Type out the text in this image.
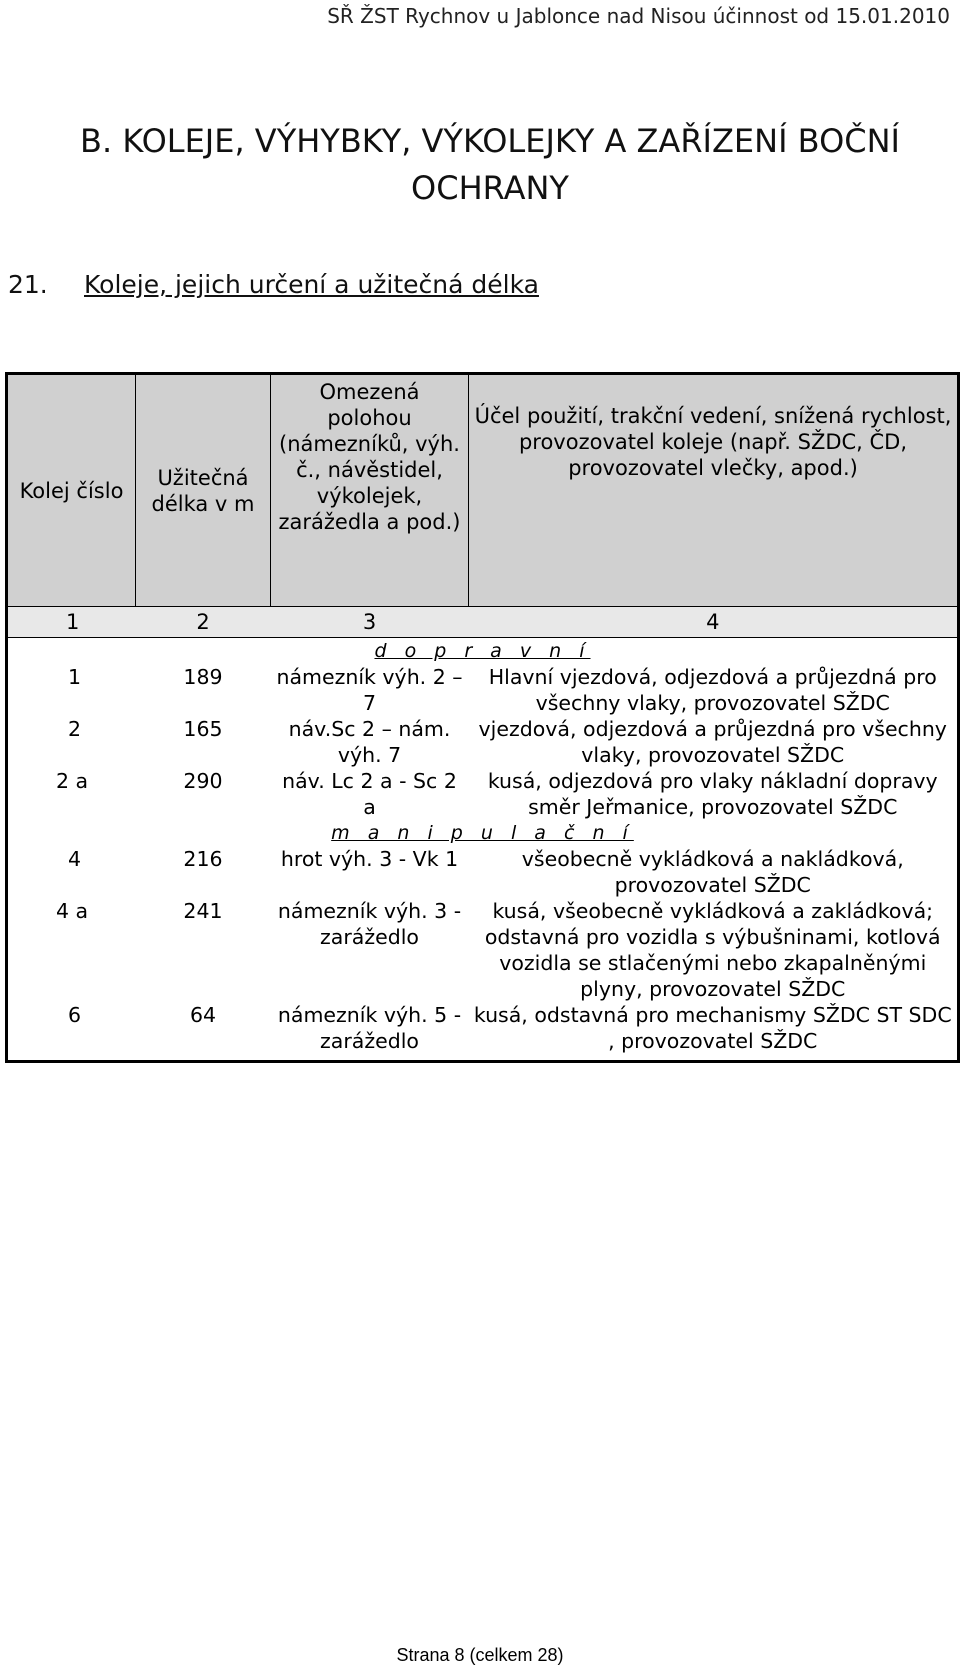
SŘ ŽST Rychnov u Jablonce nad Nisou účinnost od 15.01.2010
B. KOLEJE, VÝHYBKY, VÝKOLEJKY A ZAŘÍZENÍ BOČNÍ
OCHRANY
21. Koleje, jejich určení a užitečná délka
Kolej číslo	Užitečná délka v m	Omezená polohou (námezníků, výh. č., návěstidel, výkolejek, zarážedla a pod.)	Účel použití, trakční vedení, snížená rychlost, provozovatel koleje (např. SŽDC, ČD, provozovatel vlečky, apod.)
1	2	3	4
d o p r a v n í			
1	189	námezník výh. 2 – 7	Hlavní vjezdová, odjezdová a průjezdná pro všechny vlaky, provozovatel SŽDC
2	165	náv.Sc 2 – nám. výh. 7	vjezdová, odjezdová a průjezdná pro všechny vlaky, provozovatel SŽDC
2 a	290	náv. Lc 2 a - Sc 2 a	kusá, odjezdová pro vlaky nákladní dopravy směr Jeřmanice, provozovatel SŽDC
m a n i p u l a č n í			
4	216	hrot výh. 3 - Vk 1	všeobecně vykládková a nakládková, provozovatel SŽDC
4 a	241	námezník výh. 3 - zarážedlo	kusá, všeobecně vykládková a zakládková; odstavná pro vozidla s výbušninami, kotlová vozidla se stlačenými nebo zkapalněnými plyny, provozovatel SŽDC
6	64	námezník výh. 5 - zarážedlo	kusá, odstavná pro mechanismy SŽDC ST SDC , provozovatel SŽDC
Strana 8 (celkem 28)
